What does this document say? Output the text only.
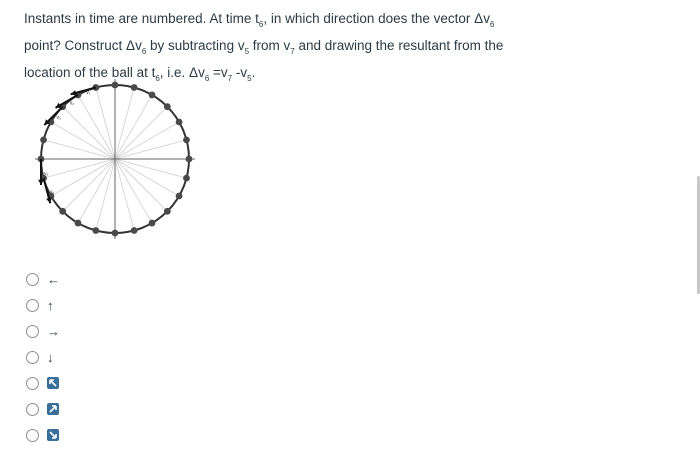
Instants in time are numbered. At time $t_6$, in which direction does the vector $\Delta v_6$

point? Construct $\Delta v_6$ by subtracting $v_5$ from $v_7$ and drawing the resultant from the

location of the ball at $t_6$, i.e. $\Delta v_6 =v_7$ $-v_5$.

v₁
v₂
v₃
v₆
v₇
←
↑
→
↓
